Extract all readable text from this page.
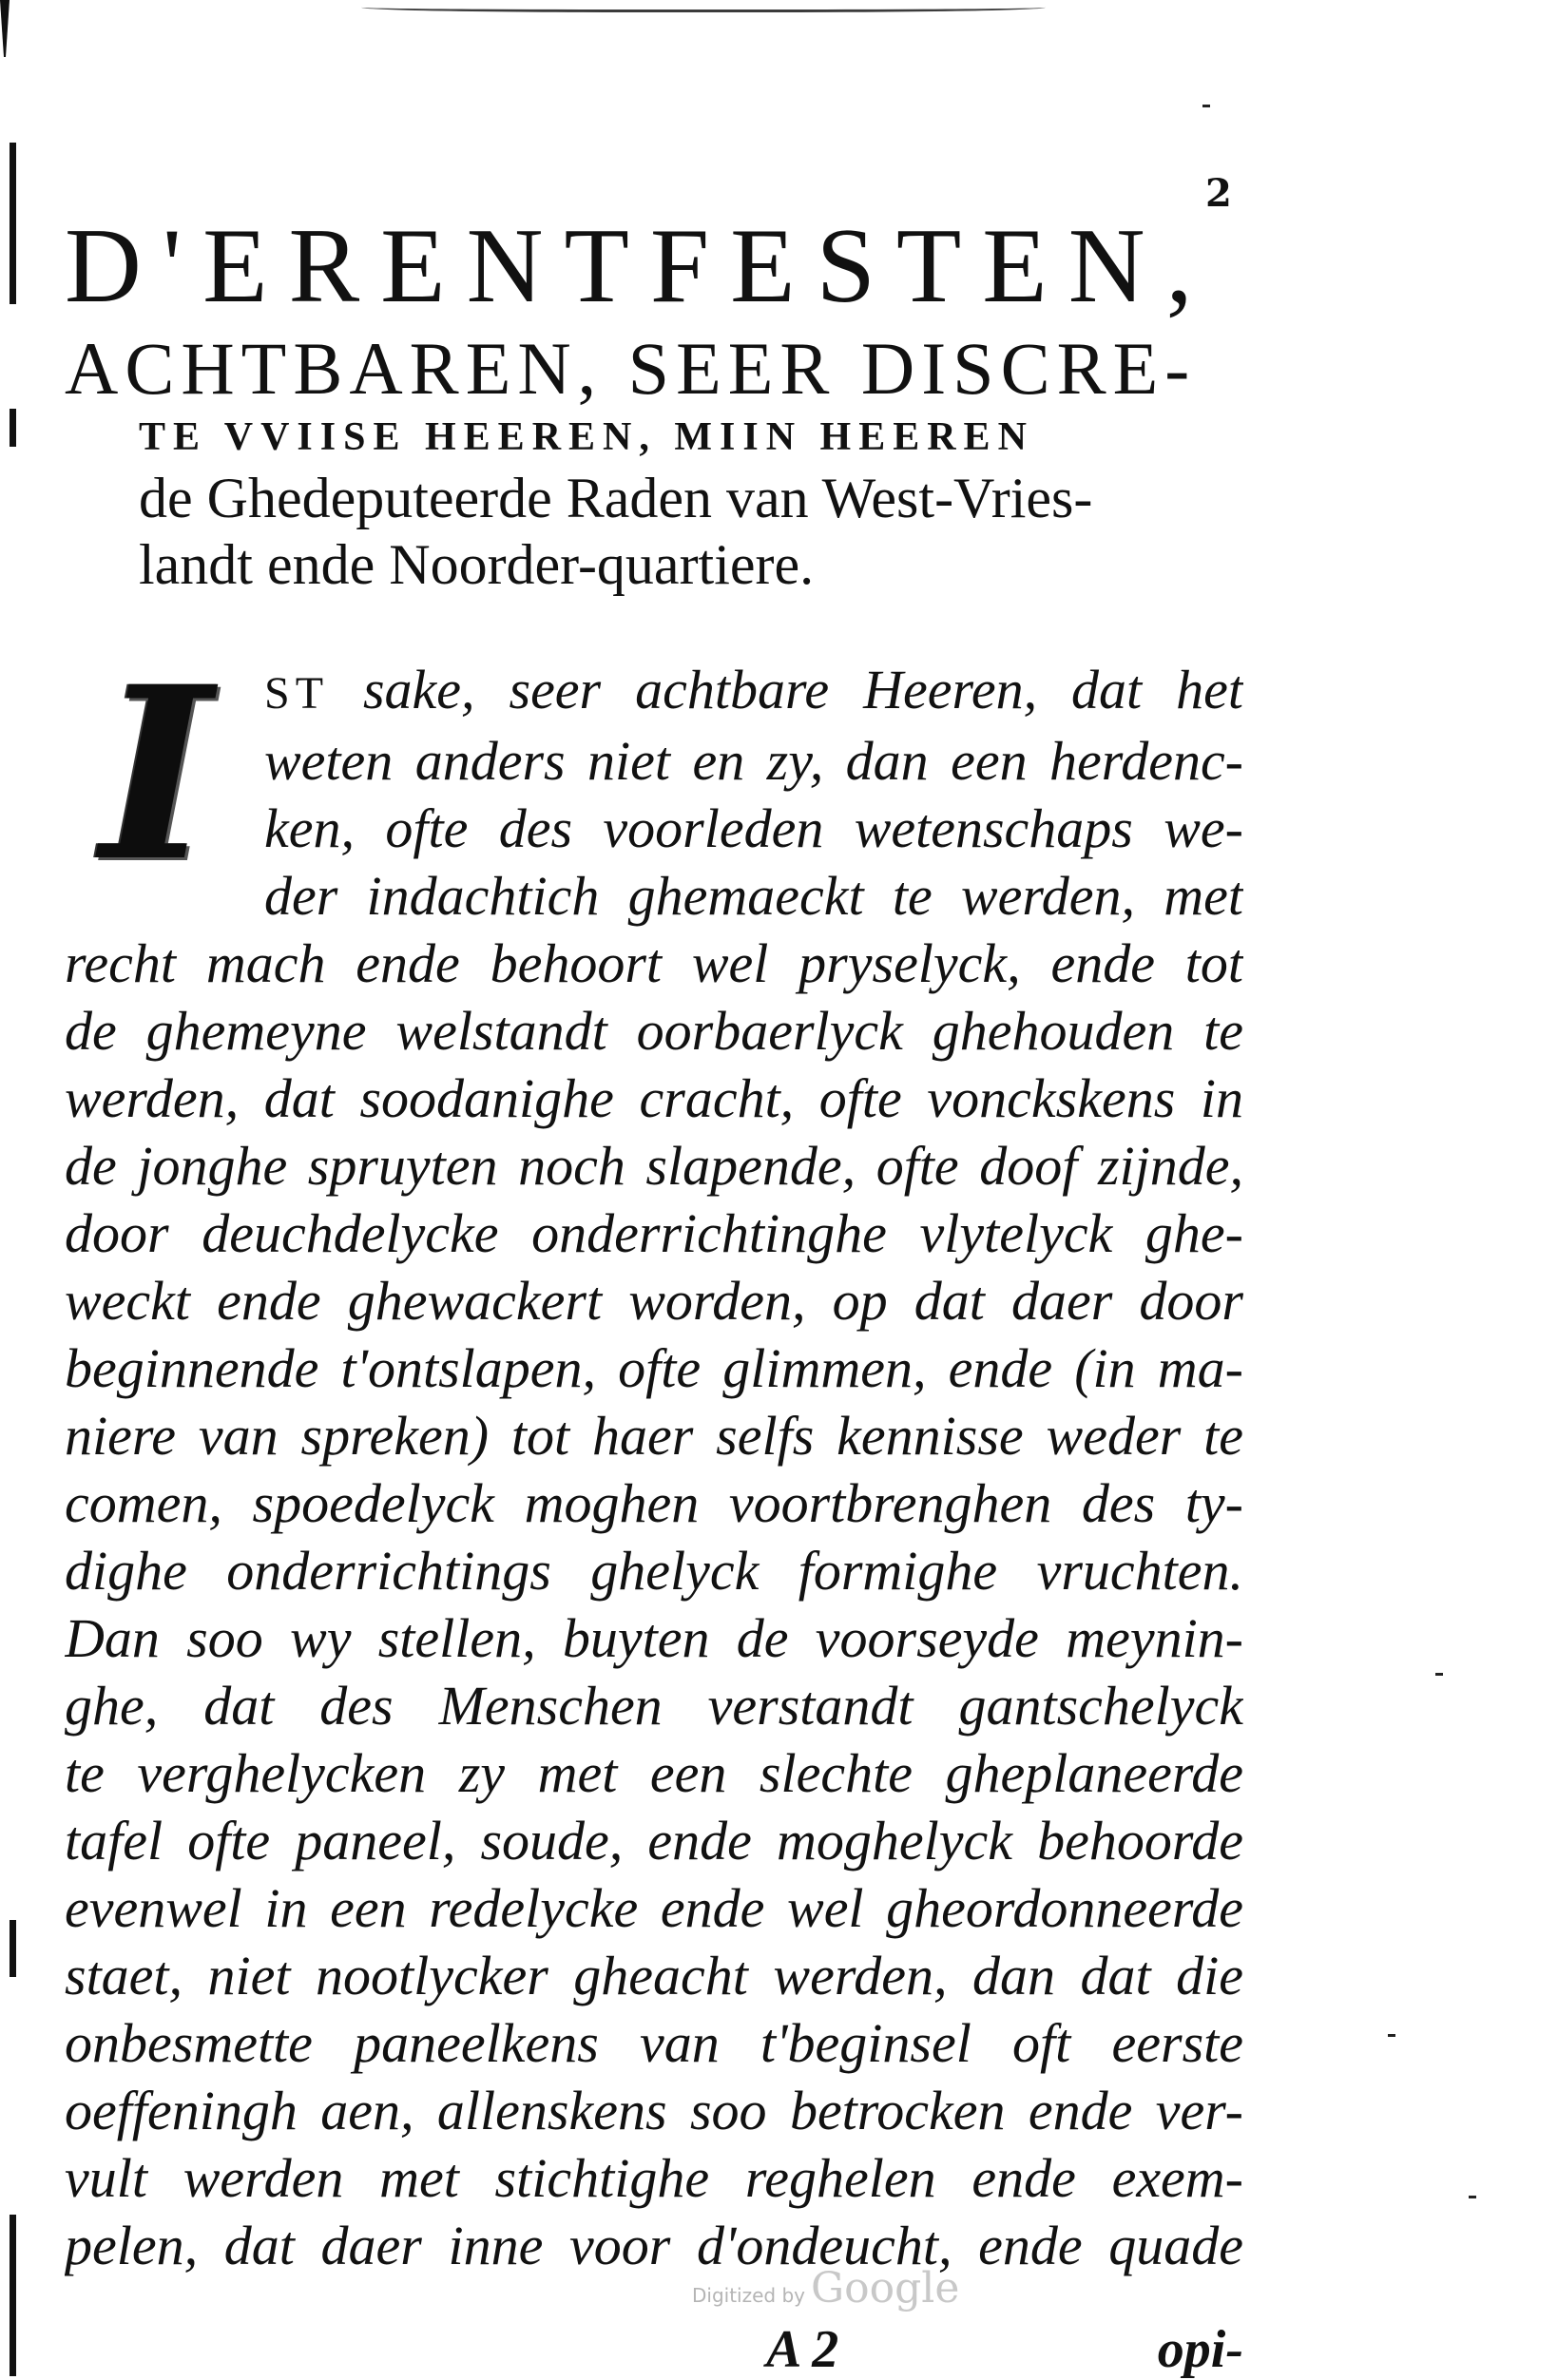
2
D'ERENTFESTEN,
ACHTBAREN, SEER DISCRE-
TE VVIISE HEEREN, MIIN HEEREN
de Ghedeputeerde Raden van West-Vries-
landt ende Noorder-quartiere.
I	ST sake, seer achtbare Heeren, dat het
weten anders niet en zy, dan een herdenc-
ken, ofte des voorleden wetenschaps we-
der indachtich ghemaeckt te werden, met
recht mach ende behoort wel pryselyck, ende tot
de ghemeyne welstandt oorbaerlyck ghehouden te
werden, dat soodanighe cracht, ofte vonckskens in
de jonghe spruyten noch slapende, ofte doof zijnde,
door deuchdelycke onderrichtinghe vlytelyck ghe-
weckt ende ghewackert worden, op dat daer door
beginnende t'ontslapen, ofte glimmen, ende (in ma-
niere van spreken) tot haer selfs kennisse weder te
comen, spoedelyck moghen voortbrenghen des ty-
dighe onderrichtings ghelyck formighe vruchten.
Dan soo wy stellen, buyten de voorseyde meynin-
ghe, dat des Menschen verstandt gantschelyck
te verghelycken zy met een slechte gheplaneerde
tafel ofte paneel, soude, ende moghelyck behoorde
evenwel in een redelycke ende wel gheordonneerde
staet, niet nootlycker gheacht werden, dan dat die
onbesmette paneelkens van t'beginsel oft eerste
oeffeningh aen, allenskens soo betrocken ende ver-
vult werden met stichtighe reghelen ende exem-
pelen, dat daer inne voor d'ondeucht, ende quade
Digitized by Google
A 2	opi-
